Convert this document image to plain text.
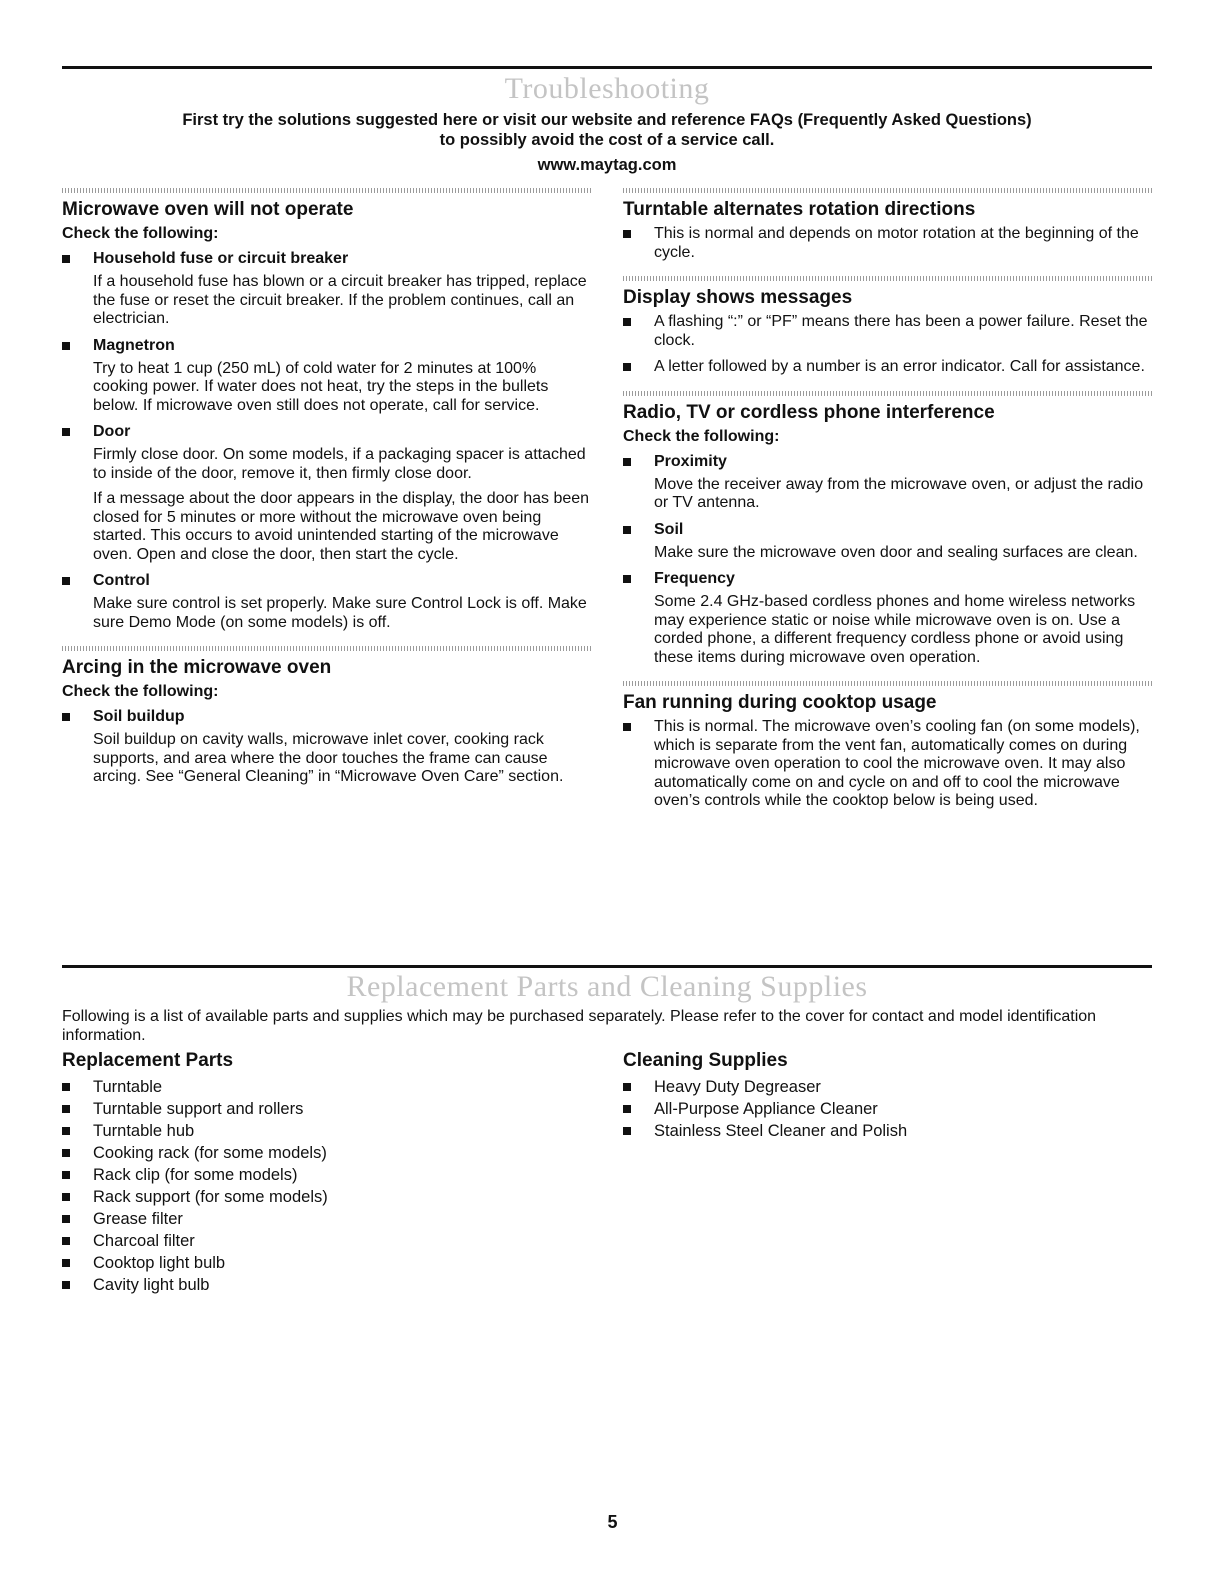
Troubleshooting
First try the solutions suggested here or visit our website and reference FAQs (Frequently Asked Questions)
to possibly avoid the cost of a service call.
www.maytag.com
Microwave oven will not operate
Check the following:
Household fuse or circuit breaker

If a household fuse has blown or a circuit breaker has tripped, replace the fuse or reset the circuit breaker. If the problem continues, call an electrician.

Magnetron

Try to heat 1 cup (250 mL) of cold water for 2 minutes at 100% cooking power. If water does not heat, try the steps in the bullets below. If microwave oven still does not operate, call for service.

Door

Firmly close door. On some models, if a packaging spacer is attached to inside of the door, remove it, then firmly close door.

If a message about the door appears in the display, the door has been closed for 5 minutes or more without the microwave oven being started. This occurs to avoid unintended starting of the microwave oven. Open and close the door, then start the cycle.

Control

Make sure control is set properly. Make sure Control Lock is off. Make sure Demo Mode (on some models) is off.

Arcing in the microwave oven
Check the following:
Soil buildup

Soil buildup on cavity walls, microwave inlet cover, cooking rack supports, and area where the door touches the frame can cause arcing. See “General Cleaning” in “Microwave Oven Care” section.

Turntable alternates rotation directions
This is normal and depends on motor rotation at the beginning of the cycle.
Display shows messages
A flashing “:” or “PF” means there has been a power failure. Reset the clock.
A letter followed by a number is an error indicator. Call for assistance.
Radio, TV or cordless phone interference
Check the following:
Proximity

Move the receiver away from the microwave oven, or adjust the radio or TV antenna.

Soil

Make sure the microwave oven door and sealing surfaces are clean.

Frequency

Some 2.4 GHz-based cordless phones and home wireless networks may experience static or noise while microwave oven is on. Use a corded phone, a different frequency cordless phone or avoid using these items during microwave oven operation.

Fan running during cooktop usage
This is normal. The microwave oven’s cooling fan (on some models), which is separate from the vent fan, automatically comes on during microwave oven operation to cool the microwave oven. It may also automatically come on and cycle on and off to cool the microwave oven’s controls while the cooktop below is being used.
Replacement Parts and Cleaning Supplies
Following is a list of available parts and supplies which may be purchased separately. Please refer to the cover for contact and model identification information.
Replacement Parts
Turntable
Turntable support and rollers
Turntable hub
Cooking rack (for some models)
Rack clip (for some models)
Rack support (for some models)
Grease filter
Charcoal filter
Cooktop light bulb
Cavity light bulb
Cleaning Supplies
Heavy Duty Degreaser
All-Purpose Appliance Cleaner
Stainless Steel Cleaner and Polish
5
